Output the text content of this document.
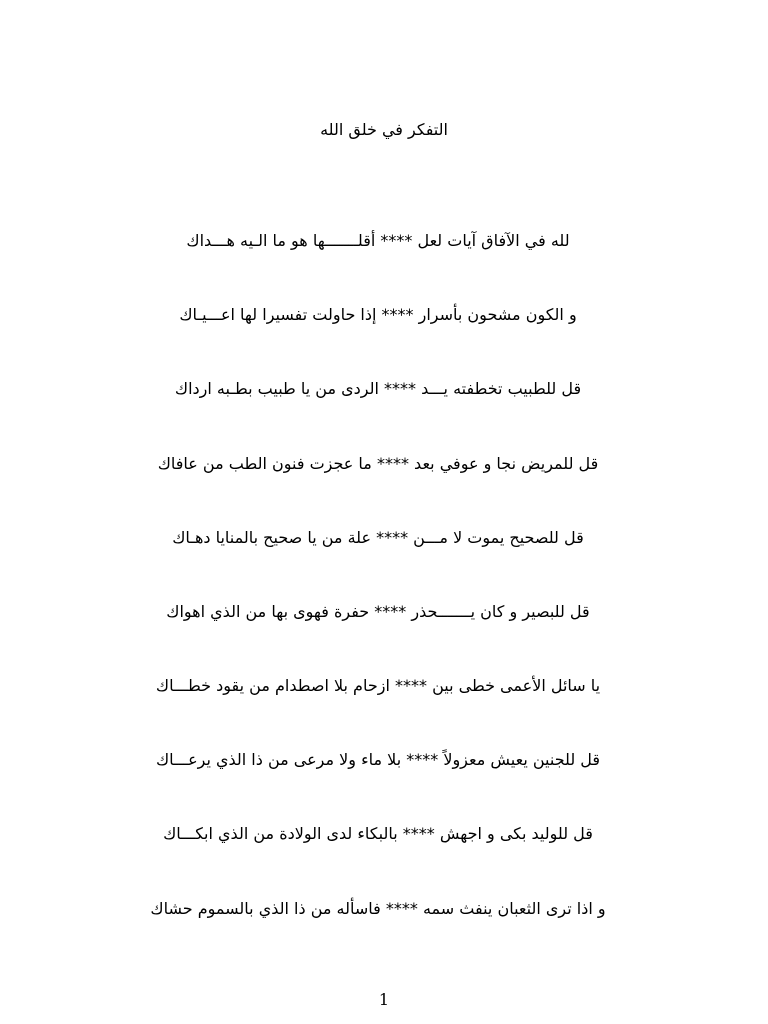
التفكر في خلق الله
لله في الآفاق آيات لعل **** أقلـــــــها هو ما الـيه هـــداك
و الكون مشحون بأسرار **** إذا حاولت تفسيرا لها اعـــيـاك
قل للطبيب تخطفته يـــد **** الردى من يا طبيب بطـبه ارداك
قل للمريض نجا و عوفي بعد **** ما عجزت فنون الطب من عافاك
قل للصحيح يموت لا مـــن **** علة من يا صحيح بالمنايا دهـاك
قل للبصير و كان يـــــــحذر **** حفرة فهوى بها من الذي اهواك
يا سائل الأعمى خطى بين **** ازحام بلا اصطدام من يقود خطـــاك
قل للجنين يعيش معزولاً **** بلا ماء ولا مرعى من ذا الذي يرعـــاك
قل للوليد بكى و اجهش **** بالبكاء لدى الولادة من الذي ابكـــاك
و اذا ترى الثعبان ينفث سمه **** فاسأله من ذا الذي بالسموم حشاك
1
